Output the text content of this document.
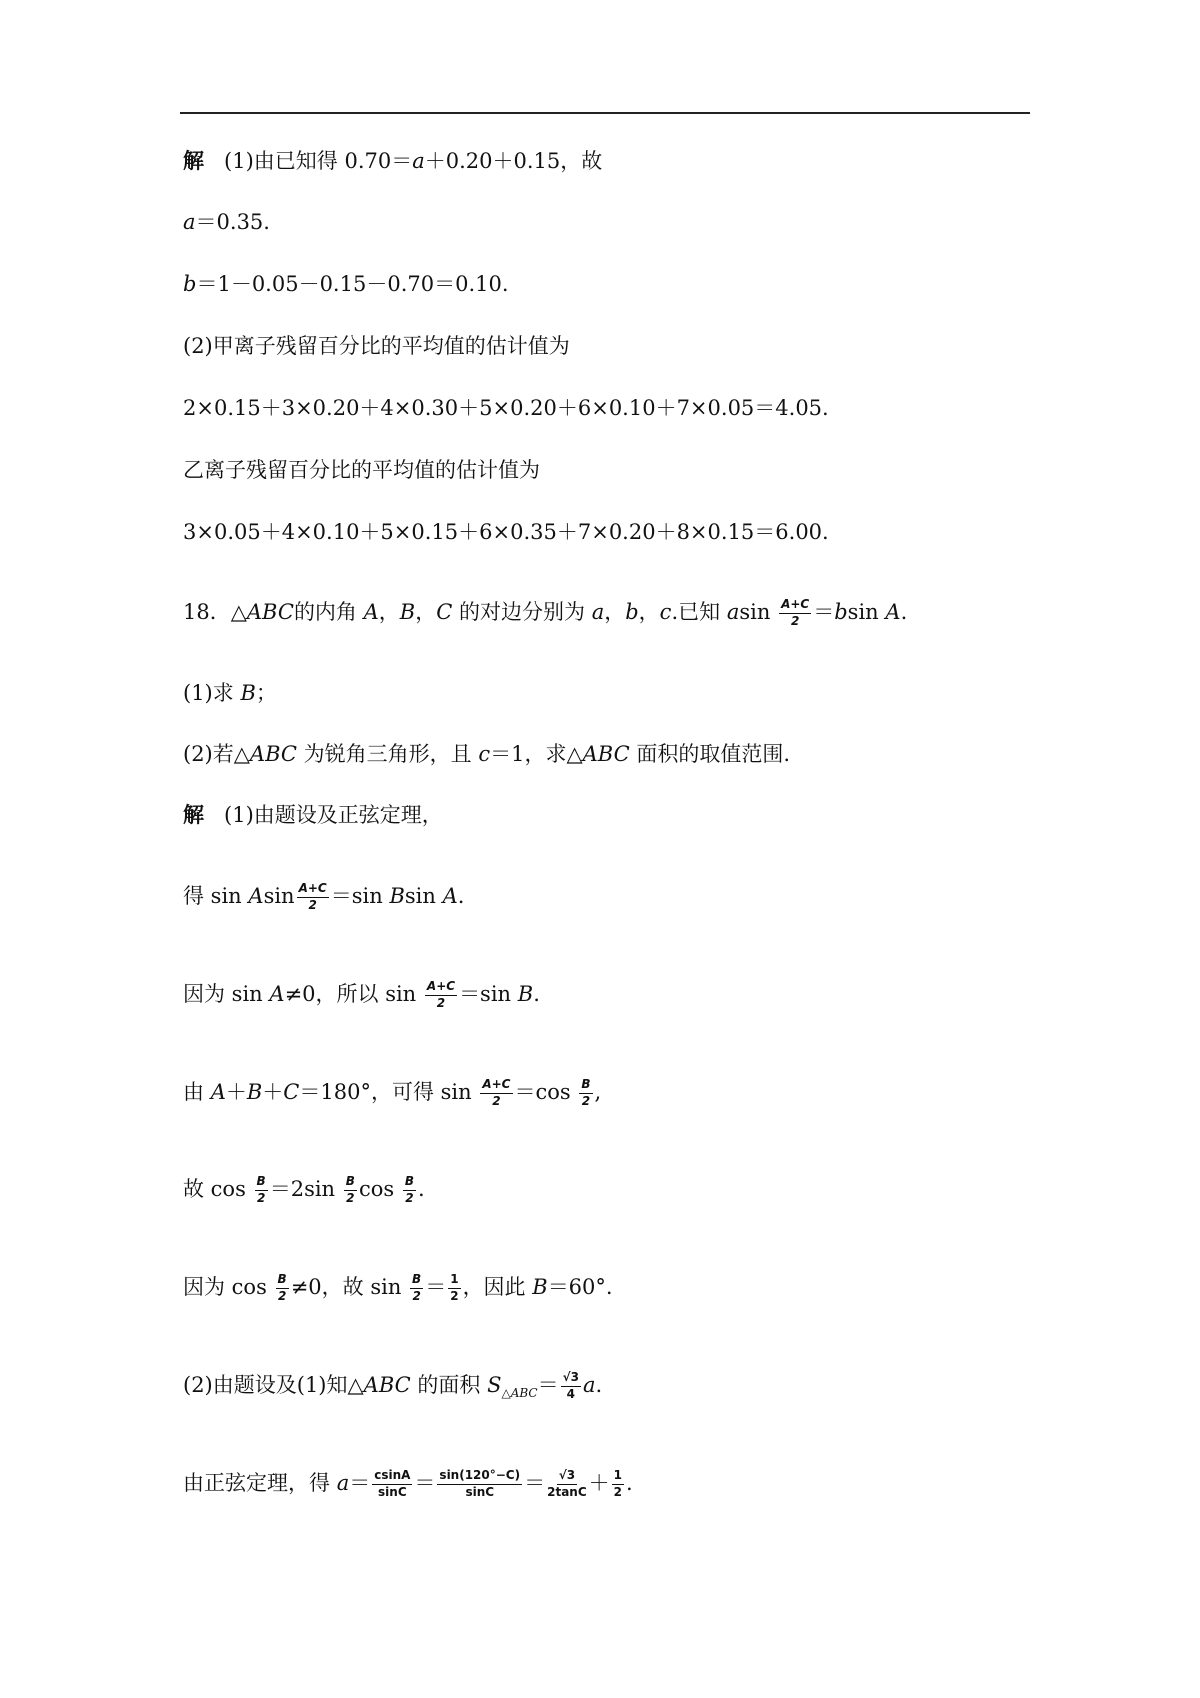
解 (1)由已知得 0.70＝a＋0.20＋0.15，故
a＝0.35.
b＝1－0.05－0.15－0.70＝0.10.
(2)甲离子残留百分比的平均值的估计值为
2×0.15＋3×0.20＋4×0.30＋5×0.20＋6×0.10＋7×0.05＝4.05.
乙离子残留百分比的平均值的估计值为
3×0.05＋4×0.10＋5×0.15＋6×0.35＋7×0.20＋8×0.15＝6.00.
18．△ABC的内角 A，B，C 的对边分别为 a，b，c.已知 asin $\frac{A+C}{2} =bsin$ A.
(1)求 B；
(2)若△ABC 为锐角三角形，且 c＝1，求△ABC 面积的取值范围.
解 (1)由题设及正弦定理，
得 sin Asin $\frac{A+C}{2} =\sin$ Bsin A.
因为 sin A≠0，所以 $\sin \frac{A+C}{2} =\sin$ B.
由 A＋B＋C＝180°，可得 $\sin \frac{A+C}{2} =\cos \frac{B}{2}$ ,
故 $\cos \frac{B}{2} =2\sin \frac{B}{2}$ $\cos \frac{B}{2}$ .
因为 $\cos \frac{B}{2} \ne 0$，故 $\sin \frac{B}{2} = \frac{1}{2}$ ，因此 B＝60°.
(2)由题设及(1)知△ABC 的面积 $S_{\triangle ABC}= \frac{√3}{4} a$.
由正弦定理，得 $a= \frac{csinA}{\sin C} = \frac{\sin(120^\circ-C)}{\sin C} = \frac{√3}{2\tan C} + \frac{1}{2}$ .
